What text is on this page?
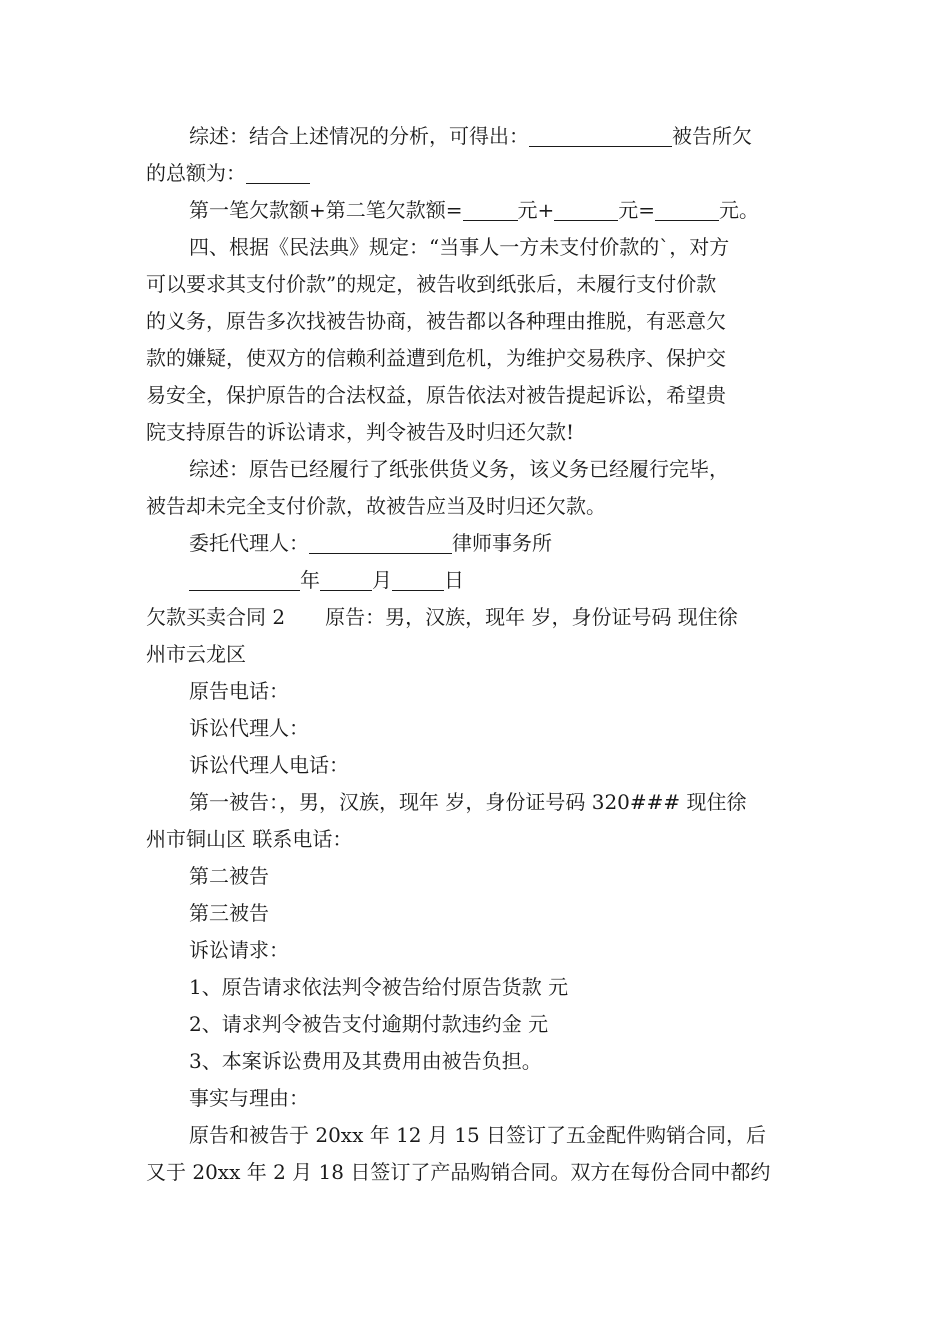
综述：结合上述情况的分析，可得出：	被告所欠

的总额为：

第一笔欠款额+第二笔欠款额=	元+	元=	元。

四、根据《民法典》规定：“当事人一方未支付价款的`，对方

可以要求其支付价款”的规定，被告收到纸张后，未履行支付价款

的义务，原告多次找被告协商，被告都以各种理由推脱，有恶意欠

款的嫌疑，使双方的信赖利益遭到危机，为维护交易秩序、保护交

易安全，保护原告的合法权益，原告依法对被告提起诉讼，希望贵

院支持原告的诉讼请求，判令被告及时归还欠款!

综述：原告已经履行了纸张供货义务，该义务已经履行完毕，

被告却未完全支付价款，故被告应当及时归还欠款。

委托代理人：	律师事务所

年	月	日

欠款买卖合同 2　　原告：男，汉族，现年 岁，身份证号码 现住徐

州市云龙区

原告电话：

诉讼代理人：

诉讼代理人电话：

第一被告：，男，汉族，现年 岁，身份证号码 320### 现住徐

州市铜山区 联系电话：

第二被告

第三被告

诉讼请求：

1、原告请求依法判令被告给付原告货款 元

2、请求判令被告支付逾期付款违约金 元

3、本案诉讼费用及其费用由被告负担。

事实与理由：

原告和被告于 20xx 年 12 月 15 日签订了五金配件购销合同，后

又于 20xx 年 2 月 18 日签订了产品购销合同。双方在每份合同中都约
